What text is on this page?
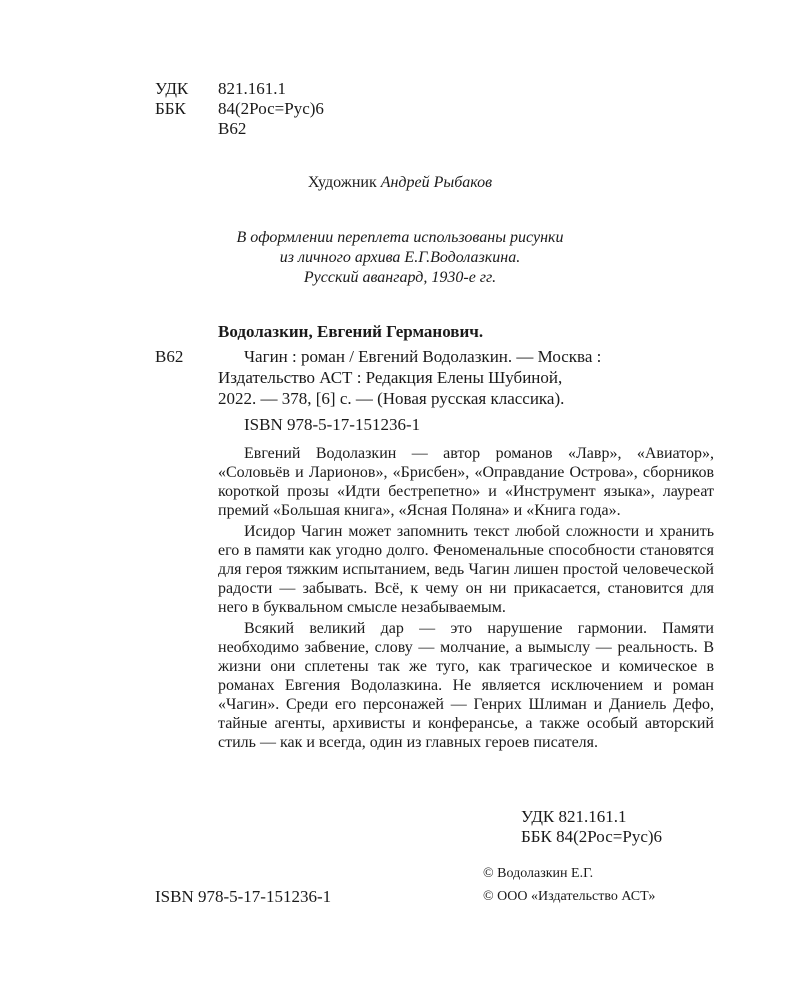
УДК 821.161.1
ББК 84(2Рос=Рус)6
В62
Художник Андрей Рыбаков
В оформлении переплета использованы рисунки
из личного архива Е.Г.Водолазкина.
Русский авангард, 1930-е гг.
Водолазкин, Евгений Германович.
В62	Чагин : роман / Евгений Водолазкин. — Москва :
Издательство АСТ : Редакция Елены Шубиной,
2022. — 378, [6] с. — (Новая русская классика).
ISBN 978-5-17-151236-1

Евгений Водолазкин — автор романов «Лавр», «Авиатор», «Соловьёв и Ларионов», «Брисбен», «Оправдание Острова», сборников короткой прозы «Идти бестрепетно» и «Инструмент языка», лауреат премий «Большая книга», «Ясная Поляна» и «Книга года».

Исидор Чагин может запомнить текст любой сложности и хранить его в памяти как угодно долго. Феноменальные способности становятся для героя тяжким испытанием, ведь Чагин лишен простой человеческой радости — забывать. Всё, к чему он ни прикасается, становится для него в буквальном смысле незабываемым.

Всякий великий дар — это нарушение гармонии. Памяти необходимо забвение, слову — молчание, а вымыслу — реальность. В жизни они сплетены так же туго, как трагическое и комическое в романах Евгения Водолазкина. Не является исключением и роман «Чагин». Среди его персонажей — Генрих Шлиман и Даниель Дефо, тайные агенты, архивисты и конферансье, а также особый авторский стиль — как и всегда, один из главных героев писателя.

УДК 821.161.1
ББК 84(2Рос=Рус)6
© Водолазкин Е.Г.
© ООО «Издательство АСТ»
ISBN 978-5-17-151236-1
